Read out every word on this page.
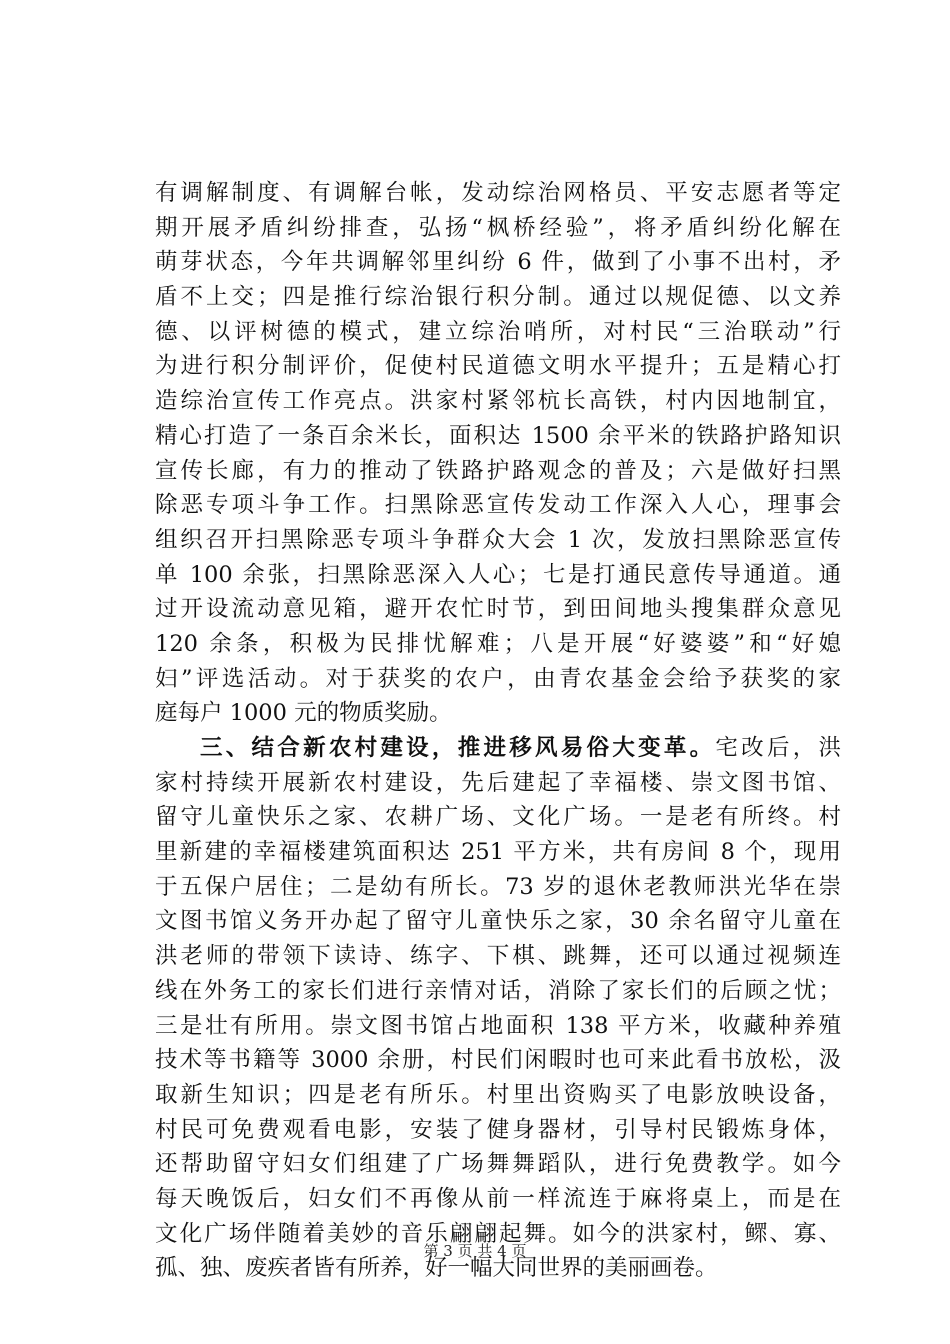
有调解制度、有调解台帐，发动综治网格员、平安志愿者等定
期开展矛盾纠纷排查，弘扬“枫桥经验”，将矛盾纠纷化解在
萌芽状态，今年共调解邻里纠纷 6 件，做到了小事不出村，矛
盾不上交；四是推行综治银行积分制。通过以规促德、以文养
德、以评树德的模式，建立综治哨所，对村民“三治联动”行
为进行积分制评价，促使村民道德文明水平提升；五是精心打
造综治宣传工作亮点。洪家村紧邻杭长高铁，村内因地制宜，
精心打造了一条百余米长，面积达 1500 余平米的铁路护路知识
宣传长廊，有力的推动了铁路护路观念的普及；六是做好扫黑
除恶专项斗争工作。扫黑除恶宣传发动工作深入人心，理事会
组织召开扫黑除恶专项斗争群众大会 1 次，发放扫黑除恶宣传
单 100 余张，扫黑除恶深入人心；七是打通民意传导通道。通
过开设流动意见箱，避开农忙时节，到田间地头搜集群众意见
120 余条，积极为民排忧解难；八是开展“好婆婆”和“好媳
妇”评选活动。对于获奖的农户，由青农基金会给予获奖的家
庭每户 1000 元的物质奖励。
三、结合新农村建设，推进移风易俗大变革。宅改后，洪
家村持续开展新农村建设，先后建起了幸福楼、崇文图书馆、
留守儿童快乐之家、农耕广场、文化广场。一是老有所终。村
里新建的幸福楼建筑面积达 251 平方米，共有房间 8 个，现用
于五保户居住；二是幼有所长。73 岁的退休老教师洪光华在崇
文图书馆义务开办起了留守儿童快乐之家，30 余名留守儿童在
洪老师的带领下读诗、练字、下棋、跳舞，还可以通过视频连
线在外务工的家长们进行亲情对话，消除了家长们的后顾之忧；
三是壮有所用。崇文图书馆占地面积 138 平方米，收藏种养殖
技术等书籍等 3000 余册，村民们闲暇时也可来此看书放松，汲
取新生知识；四是老有所乐。村里出资购买了电影放映设备，
村民可免费观看电影，安装了健身器材，引导村民锻炼身体，
还帮助留守妇女们组建了广场舞舞蹈队，进行免费教学。如今
每天晚饭后，妇女们不再像从前一样流连于麻将桌上，而是在
文化广场伴随着美妙的音乐翩翩起舞。如今的洪家村，鳏、寡、
孤、独、废疾者皆有所养，好一幅大同世界的美丽画卷。
第 3 页 共 4 页
